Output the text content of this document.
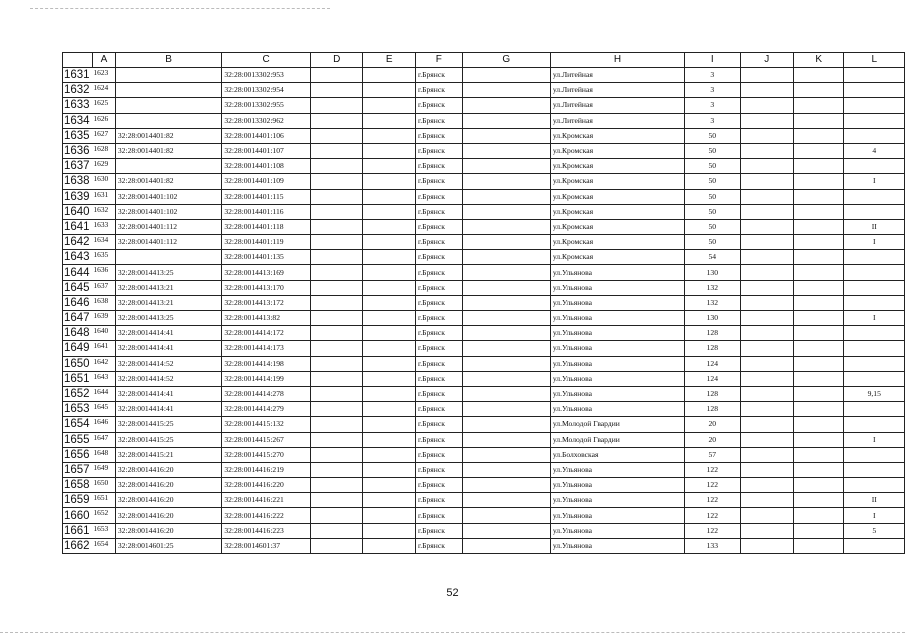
	A	B	C	D	E	F	G	H	I	J	K	L
1631	1623		32:28:0013302:953			г.Брянск		ул.Литейная	3			
1632	1624		32:28:0013302:954			г.Брянск		ул.Литейная	3			
1633	1625		32:28:0013302:955			г.Брянск		ул.Литейная	3			
1634	1626		32:28:0013302:962			г.Брянск		ул.Литейная	3			
1635	1627	32:28:0014401:82	32:28:0014401:106			г.Брянск		ул.Кромская	50			
1636	1628	32:28:0014401:82	32:28:0014401:107			г.Брянск		ул.Кромская	50			4
1637	1629		32:28:0014401:108			г.Брянск		ул.Кромская	50			
1638	1630	32:28:0014401:82	32:28:0014401:109			г.Брянск		ул.Кромская	50			I
1639	1631	32:28:0014401:102	32:28:0014401:115			г.Брянск		ул.Кромская	50			
1640	1632	32:28:0014401:102	32:28:0014401:116			г.Брянск		ул.Кромская	50			
1641	1633	32:28:0014401:112	32:28:0014401:118			г.Брянск		ул.Кромская	50			II
1642	1634	32:28:0014401:112	32:28:0014401:119			г.Брянск		ул.Кромская	50			I
1643	1635		32:28:0014401:135			г.Брянск		ул.Кромская	54			
1644	1636	32:28:0014413:25	32:28:0014413:169			г.Брянск		ул.Ульянова	130			
1645	1637	32:28:0014413:21	32:28:0014413:170			г.Брянск		ул.Ульянова	132			
1646	1638	32:28:0014413:21	32:28:0014413:172			г.Брянск		ул.Ульянова	132			
1647	1639	32:28:0014413:25	32:28:0014413:82			г.Брянск		ул.Ульянова	130			I
1648	1640	32:28:0014414:41	32:28:0014414:172			г.Брянск		ул.Ульянова	128			
1649	1641	32:28:0014414:41	32:28:0014414:173			г.Брянск		ул.Ульянова	128			
1650	1642	32:28:0014414:52	32:28:0014414:198			г.Брянск		ул.Ульянова	124			
1651	1643	32:28:0014414:52	32:28:0014414:199			г.Брянск		ул.Ульянова	124			
1652	1644	32:28:0014414:41	32:28:0014414:278			г.Брянск		ул.Ульянова	128			9,15
1653	1645	32:28:0014414:41	32:28:0014414:279			г.Брянск		ул.Ульянова	128			
1654	1646	32:28:0014415:25	32:28:0014415:132			г.Брянск		ул.Молодой Гвардии	20			
1655	1647	32:28:0014415:25	32:28:0014415:267			г.Брянск		ул.Молодой Гвардии	20			I
1656	1648	32:28:0014415:21	32:28:0014415:270			г.Брянск		ул.Болховская	57			
1657	1649	32:28:0014416:20	32:28:0014416:219			г.Брянск		ул.Ульянова	122			
1658	1650	32:28:0014416:20	32:28:0014416:220			г.Брянск		ул.Ульянова	122			
1659	1651	32:28:0014416:20	32:28:0014416:221			г.Брянск		ул.Ульянова	122			II
1660	1652	32:28:0014416:20	32:28:0014416:222			г.Брянск		ул.Ульянова	122			I
1661	1653	32:28:0014416:20	32:28:0014416:223			г.Брянск		ул.Ульянова	122			5
1662	1654	32:28:0014601:25	32:28:0014601:37			г.Брянск		ул.Ульянова	133			
52
